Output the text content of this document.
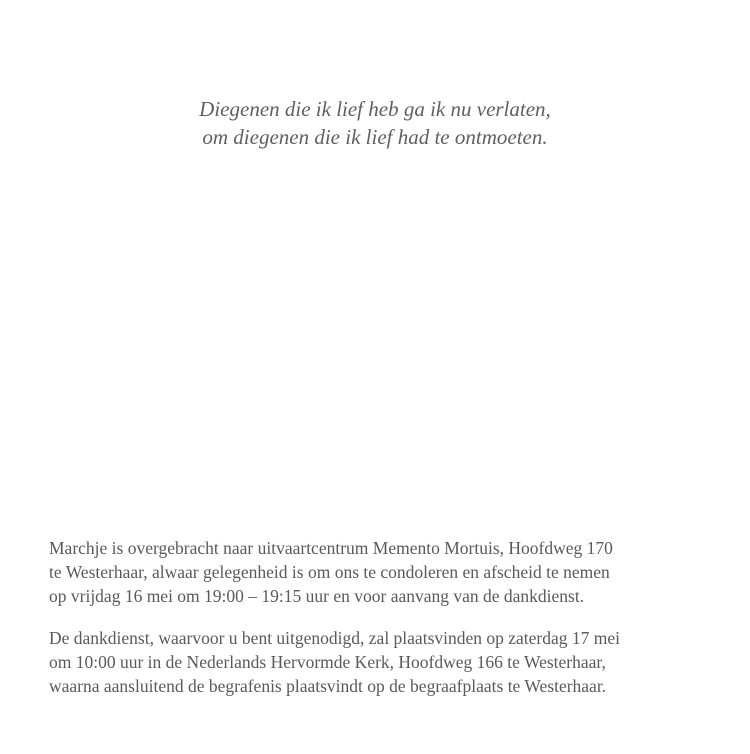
Diegenen die ik lief heb ga ik nu verlaten,
om diegenen die ik lief had te ontmoeten.

Marchje is overgebracht naar uitvaartcentrum Memento Mortuis, Hoofdweg 170
te Westerhaar, alwaar gelegenheid is om ons te condoleren en afscheid te nemen
op vrijdag 16 mei om 19:00 – 19:15 uur en voor aanvang van de dankdienst.

De dankdienst, waarvoor u bent uitgenodigd, zal plaatsvinden op zaterdag 17 mei
om 10:00 uur in de Nederlands Hervormde Kerk, Hoofdweg 166 te Westerhaar,
waarna aansluitend de begrafenis plaatsvindt op de begraafplaats te Westerhaar.
